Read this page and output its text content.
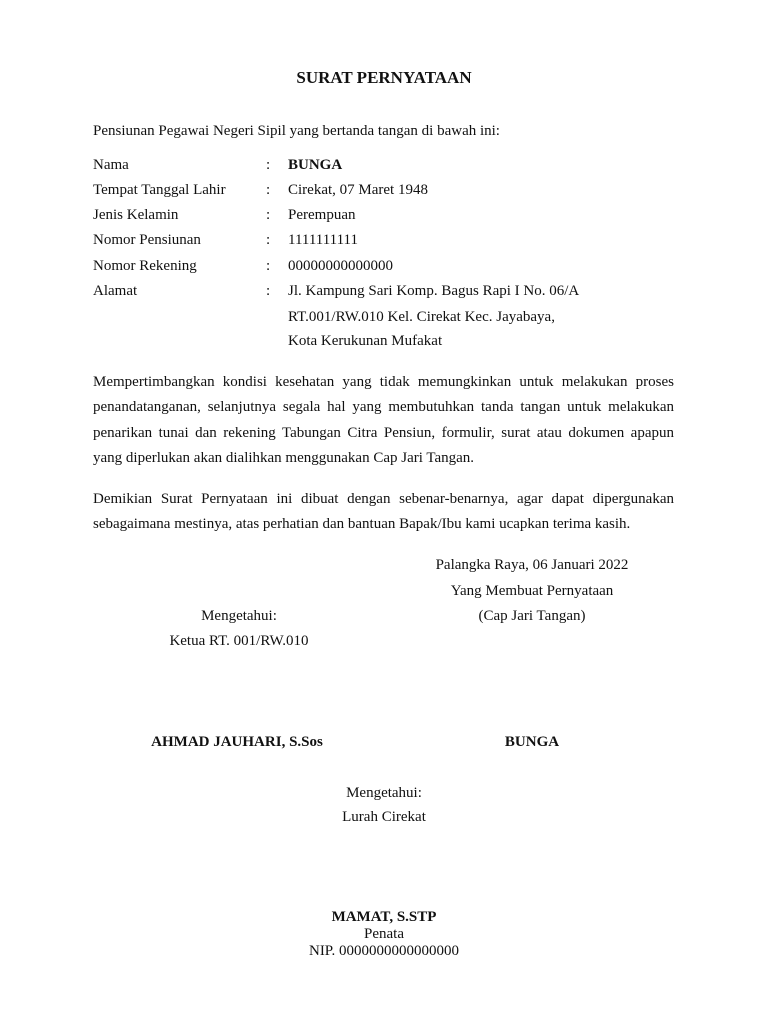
SURAT PERNYATAAN
Pensiunan Pegawai Negeri Sipil yang bertanda tangan di bawah ini:
Nama	: BUNGA
Tempat Tanggal Lahir	: Cirekat, 07 Maret 1948
Jenis Kelamin	: Perempuan
Nomor Pensiunan	: 1111111111
Nomor Rekening	: 00000000000000
Alamat	: Jl. Kampung Sari Komp. Bagus Rapi I No. 06/A
RT.001/RW.010 Kel. Cirekat Kec. Jayabaya,
Kota Kerukunan Mufakat
Mempertimbangkan kondisi kesehatan yang tidak memungkinkan untuk melakukan proses
penandatanganan, selanjutnya segala hal yang membutuhkan tanda tangan untuk melakukan
penarikan tunai dan rekening Tabungan Citra Pensiun, formulir, surat atau dokumen apapun
yang diperlukan akan dialihkan menggunakan Cap Jari Tangan.
Demikian Surat Pernyataan ini dibuat dengan sebenar-benarnya, agar dapat dipergunakan
sebagaimana mestinya, atas perhatian dan bantuan Bapak/Ibu kami ucapkan terima kasih.
Palangka Raya, 06 Januari 2022
Yang Membuat Pernyataan
(Cap Jari Tangan)
Mengetahui:
Ketua RT. 001/RW.010
AHMAD JAUHARI, S.Sos	BUNGA
Mengetahui:
Lurah Cirekat
MAMAT, S.STP
Penata
NIP. 0000000000000000
